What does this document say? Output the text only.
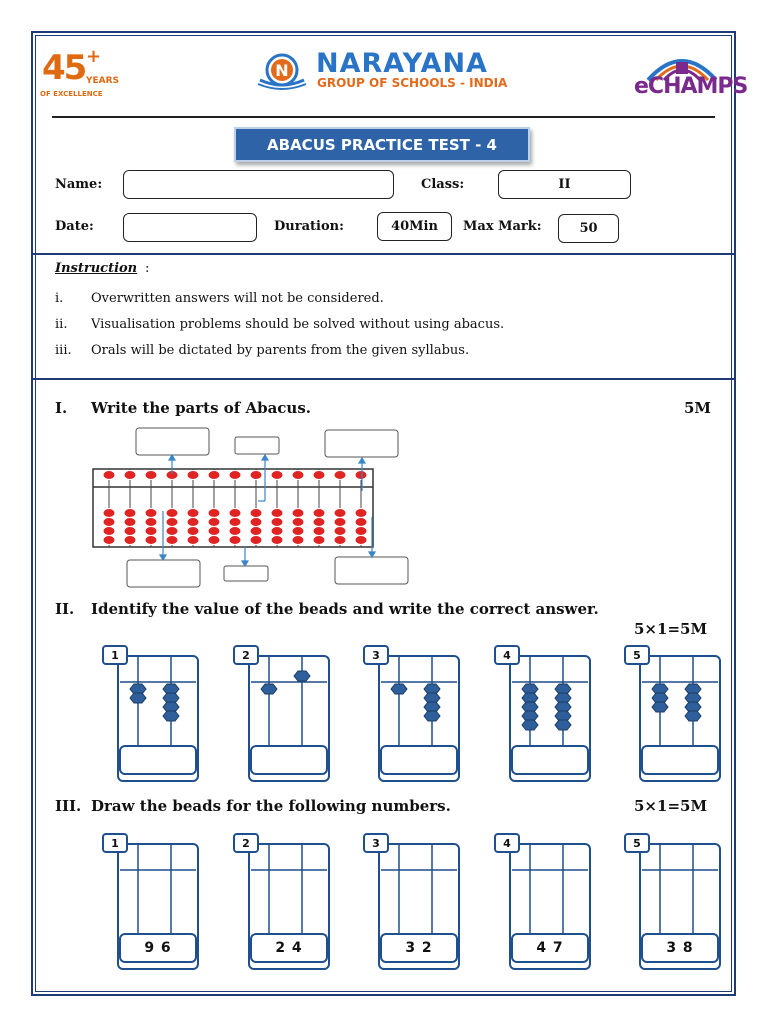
45 +
YEARS
OF EXCELLENCE
N NARAYANA
GROUP OF SCHOOLS - INDIA	eCHAMPS
ABACUS PRACTICE TEST - 4
Name:	Class:	II
Date:	Duration:	40Min	Max Mark:	50
Instruction :
i. Overwritten answers will not be considered.
ii. Visualisation problems should be solved without using abacus.
iii. Orals will be dictated by parents from the given syllabus.
I. Write the parts of Abacus.	5M
II. Identify the value of the beads and write the correct answer.
5×1=5M
1	2	3	4	5
III. Draw the beads for the following numbers.	5×1=5M
1
9 6
2
2 4
3
3 2
4
4 7
5
3 8
